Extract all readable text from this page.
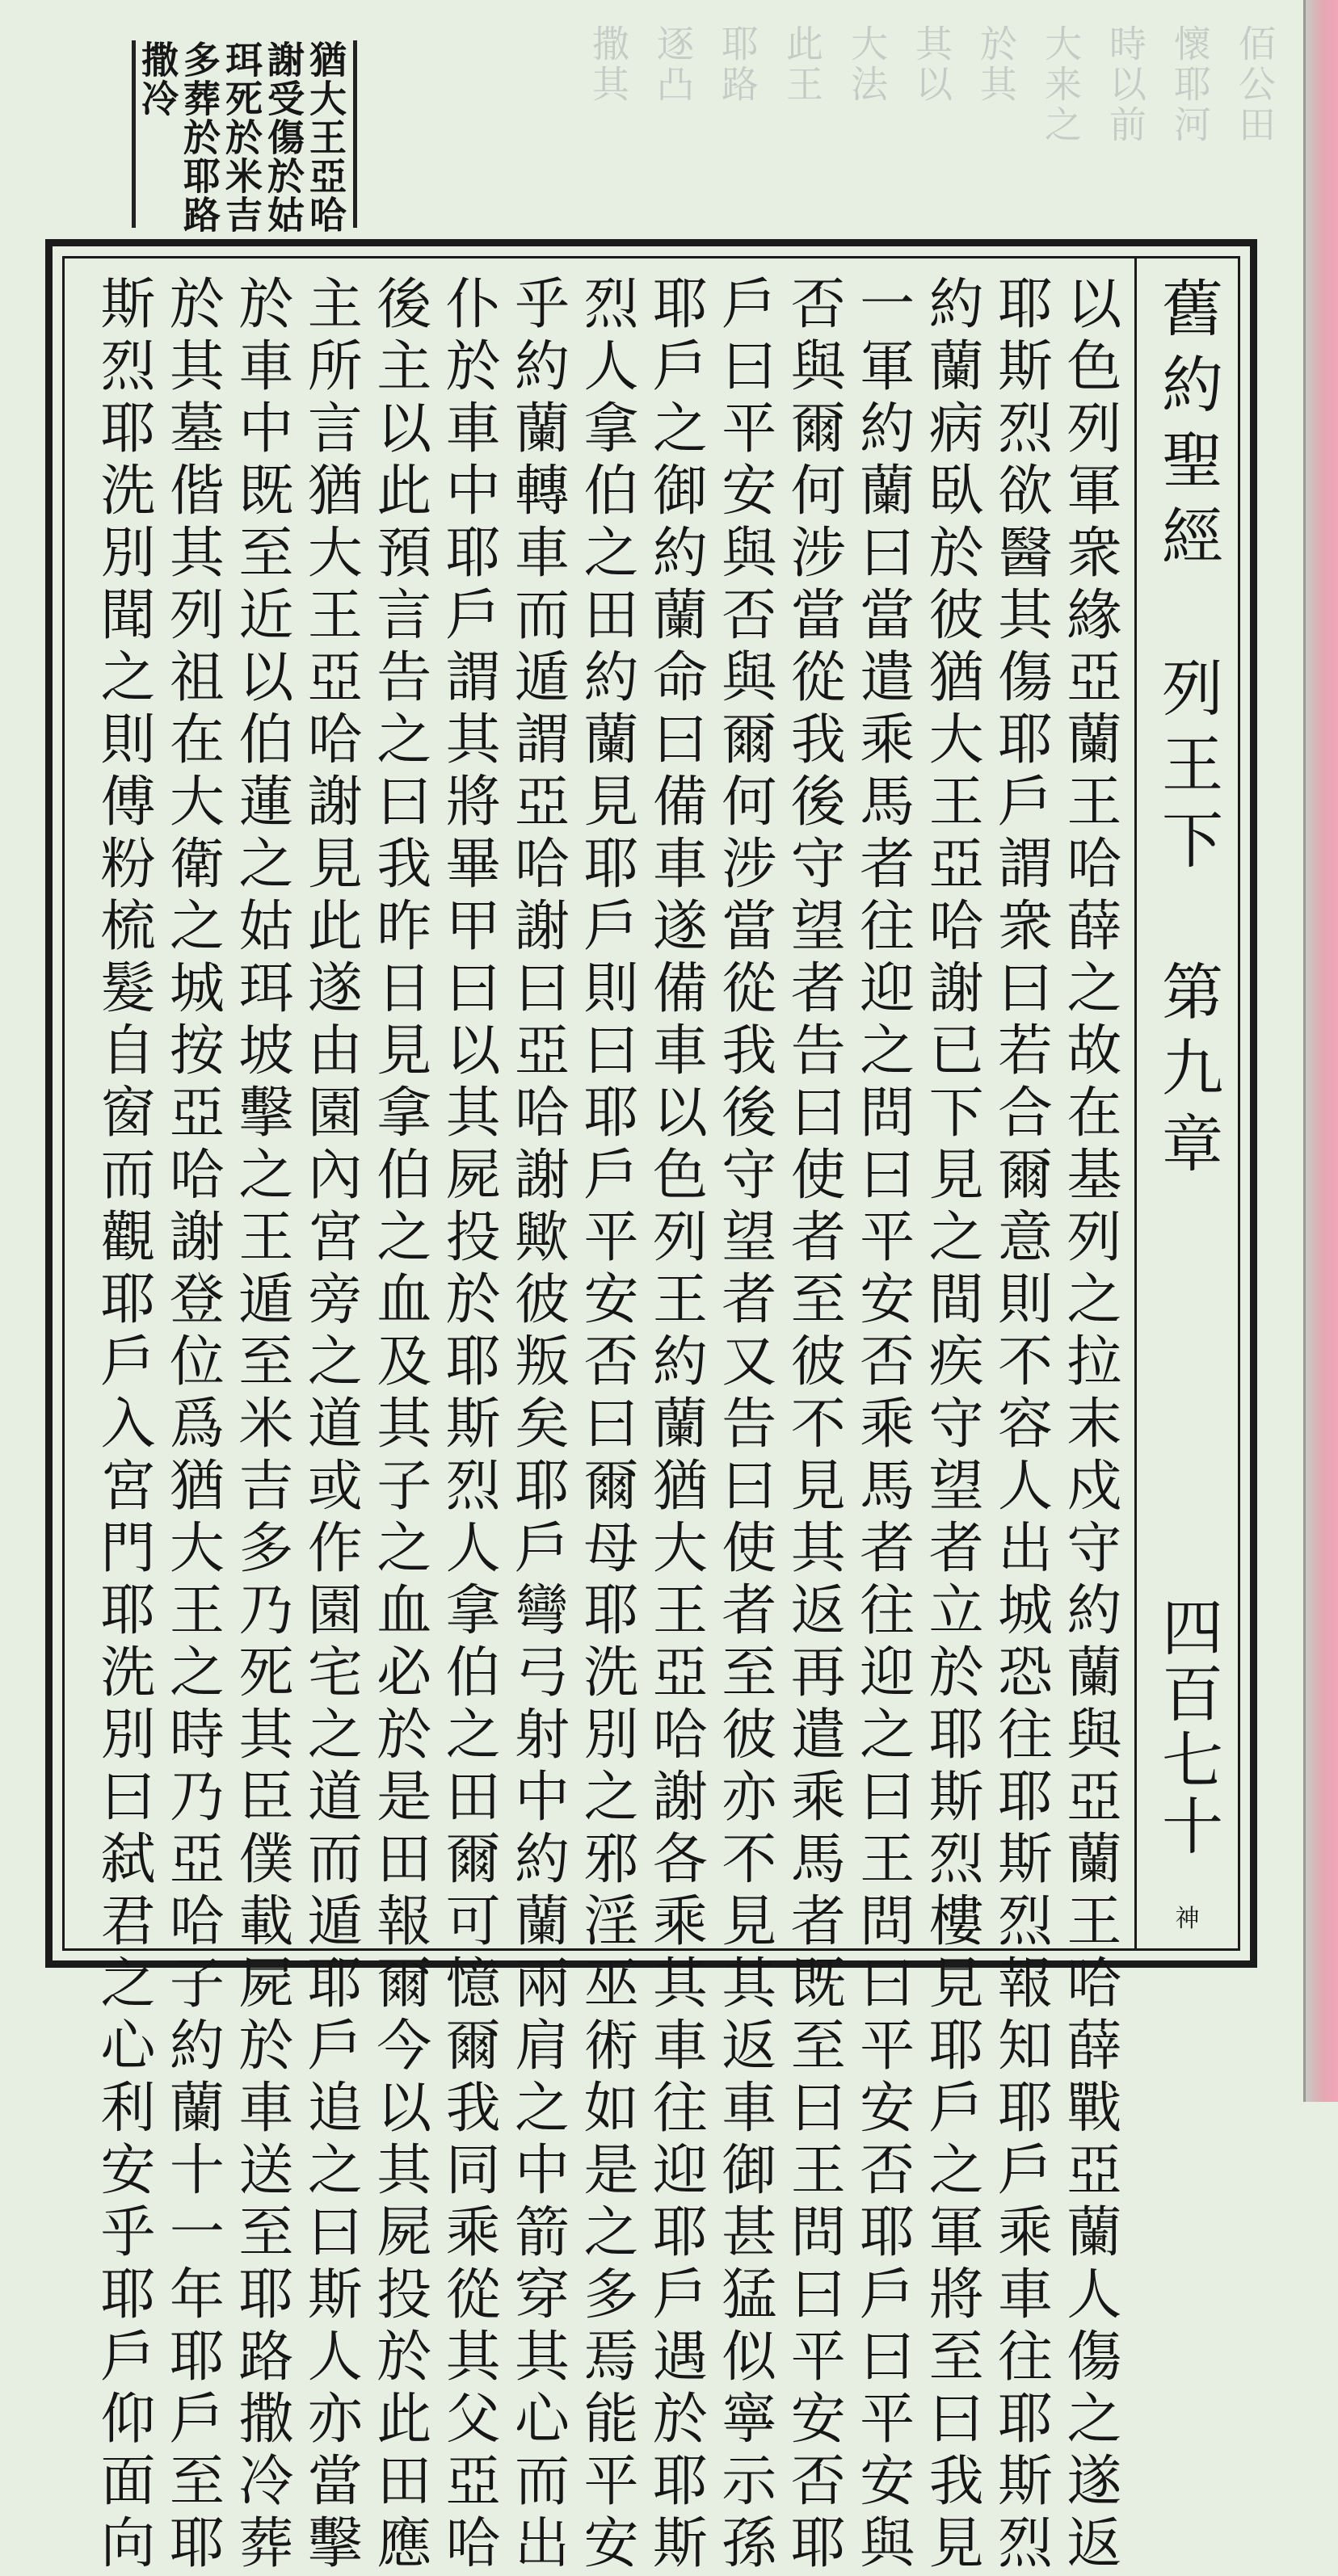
佰公田
懷耶河
時以前
大来之
於其
其以
大法
此王
耶路
逐凸
撒其
猶大王亞哈
謝受傷於姑
珥死於米吉
多葬於耶路
撒冷
舊約聖經　列王下　第九章
四百七十
神
以色列軍衆緣亞蘭王哈薛之故在基列之拉末戍守約蘭與亞蘭王哈薛戰亞蘭人傷之遂返
耶斯烈欲醫其傷耶戶謂衆曰若合爾意則不容人出城恐往耶斯烈報知耶戶乘車往耶斯烈
約蘭病臥於彼猶大王亞哈謝已下見之間疾守望者立於耶斯烈樓見耶戶之軍將至曰我見
一軍約蘭曰當遣乘馬者往迎之問曰平安否乘馬者往迎之曰王問曰平安否耶戶曰平安與
否與爾何涉當從我後守望者告曰使者至彼不見其返再遣乘馬者既至曰王問曰平安否耶
戶曰平安與否與爾何涉當從我後守望者又告曰使者至彼亦不見其返車御甚猛似寧示孫
耶戶之御約蘭命曰備車遂備車以色列王約蘭猶大王亞哈謝各乘其車往迎耶戶遇於耶斯
烈人拿伯之田約蘭見耶戶則曰耶戶平安否曰爾母耶洗別之邪淫巫術如是之多焉能平安
乎約蘭轉車而遁謂亞哈謝曰亞哈謝歟彼叛矣耶戶彎弓射中約蘭兩肩之中箭穿其心而出
仆於車中耶戶謂其將畢甲曰以其屍投於耶斯烈人拿伯之田爾可憶爾我同乘從其父亞哈
後主以此預言告之曰我昨日見拿伯之血及其子之血必於是田報爾今以其屍投於此田應
主所言猶大王亞哈謝見此遂由園內宮旁之道或作園宅之道而遁耶戶追之曰斯人亦當擊
於車中既至近以伯蓮之姑珥坡擊之王遁至米吉多乃死其臣僕載屍於車送至耶路撒冷葬
於其墓偕其列祖在大衛之城按亞哈謝登位爲猶大王之時乃亞哈子約蘭十一年耶戶至耶
斯烈耶洗別聞之則傅粉梳髮自窗而觀耶戶入宮門耶洗別曰弑君之心利安乎耶戶仰面向
